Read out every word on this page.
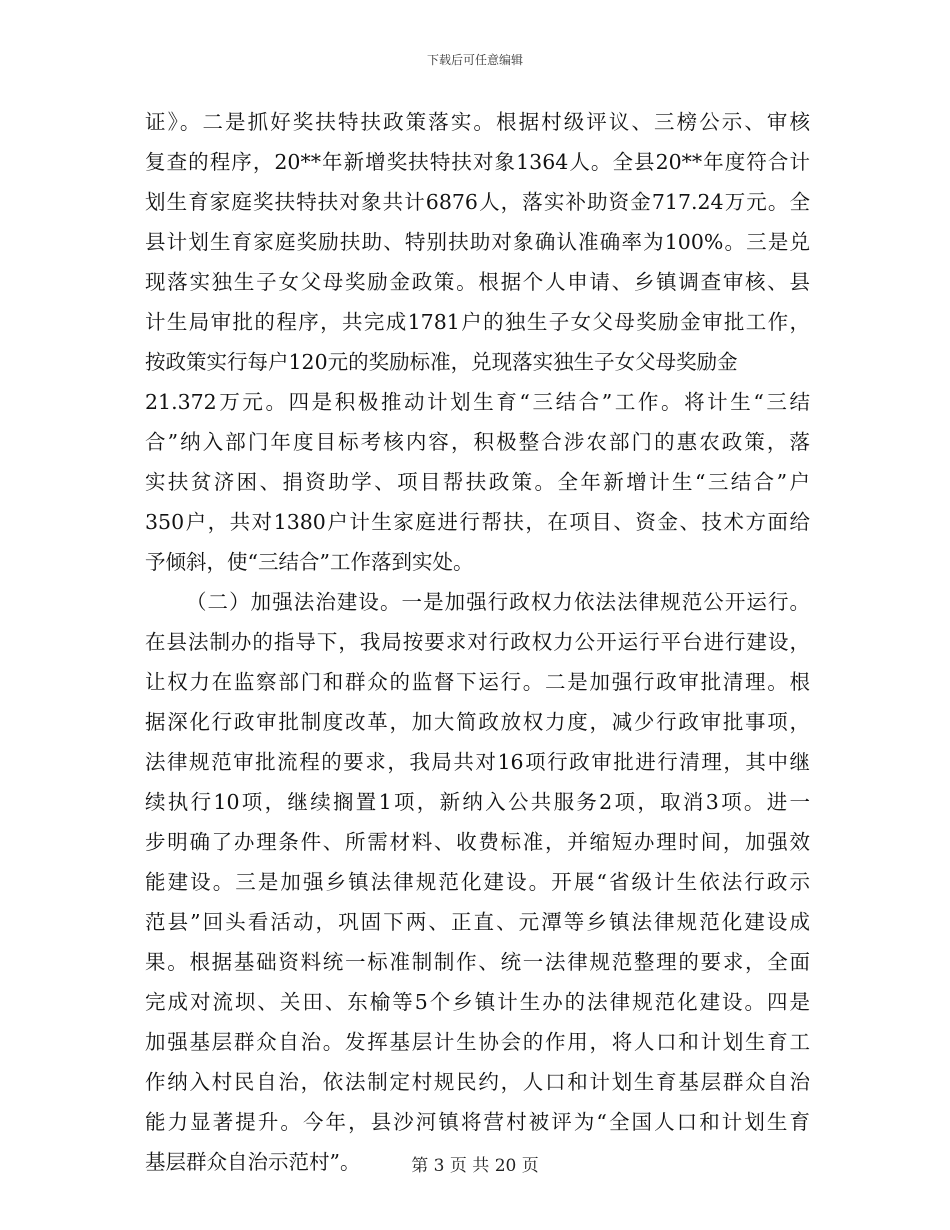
下载后可任意编辑
证》。二是抓好奖扶特扶政策落实。根据村级评议、三榜公示、审核
复查的程序，20**年新增奖扶特扶对象1364人。全县20**年度符合计
划生育家庭奖扶特扶对象共计6876人，落实补助资金717.24万元。全
县计划生育家庭奖励扶助、特别扶助对象确认准确率为100%。三是兑
现落实独生子女父母奖励金政策。根据个人申请、乡镇调查审核、县
计生局审批的程序，共完成1781户的独生子女父母奖励金审批工作，
按政策实行每户120元的奖励标准，兑现落实独生子女父母奖励金
21.372万元。四是积极推动计划生育“三结合”工作。将计生“三结
合”纳入部门年度目标考核内容，积极整合涉农部门的惠农政策，落
实扶贫济困、捐资助学、项目帮扶政策。全年新增计生“三结合”户
350户，共对1380户计生家庭进行帮扶，在项目、资金、技术方面给
予倾斜，使“三结合”工作落到实处。
（二）加强法治建设。一是加强行政权力依法法律规范公开运行。
在县法制办的指导下，我局按要求对行政权力公开运行平台进行建设，
让权力在监察部门和群众的监督下运行。二是加强行政审批清理。根
据深化行政审批制度改革，加大简政放权力度，减少行政审批事项，
法律规范审批流程的要求，我局共对16项行政审批进行清理，其中继
续执行10项，继续搁置1项，新纳入公共服务2项，取消3项。进一
步明确了办理条件、所需材料、收费标准，并缩短办理时间，加强效
能建设。三是加强乡镇法律规范化建设。开展“省级计生依法行政示
范县”回头看活动，巩固下两、正直、元潭等乡镇法律规范化建设成
果。根据基础资料统一标准制制作、统一法律规范整理的要求，全面
完成对流坝、关田、东榆等5个乡镇计生办的法律规范化建设。四是
加强基层群众自治。发挥基层计生协会的作用，将人口和计划生育工
作纳入村民自治，依法制定村规民约，人口和计划生育基层群众自治
能力显著提升。今年，县沙河镇将营村被评为“全国人口和计划生育
基层群众自治示范村”。	第 3 页 共 20 页
